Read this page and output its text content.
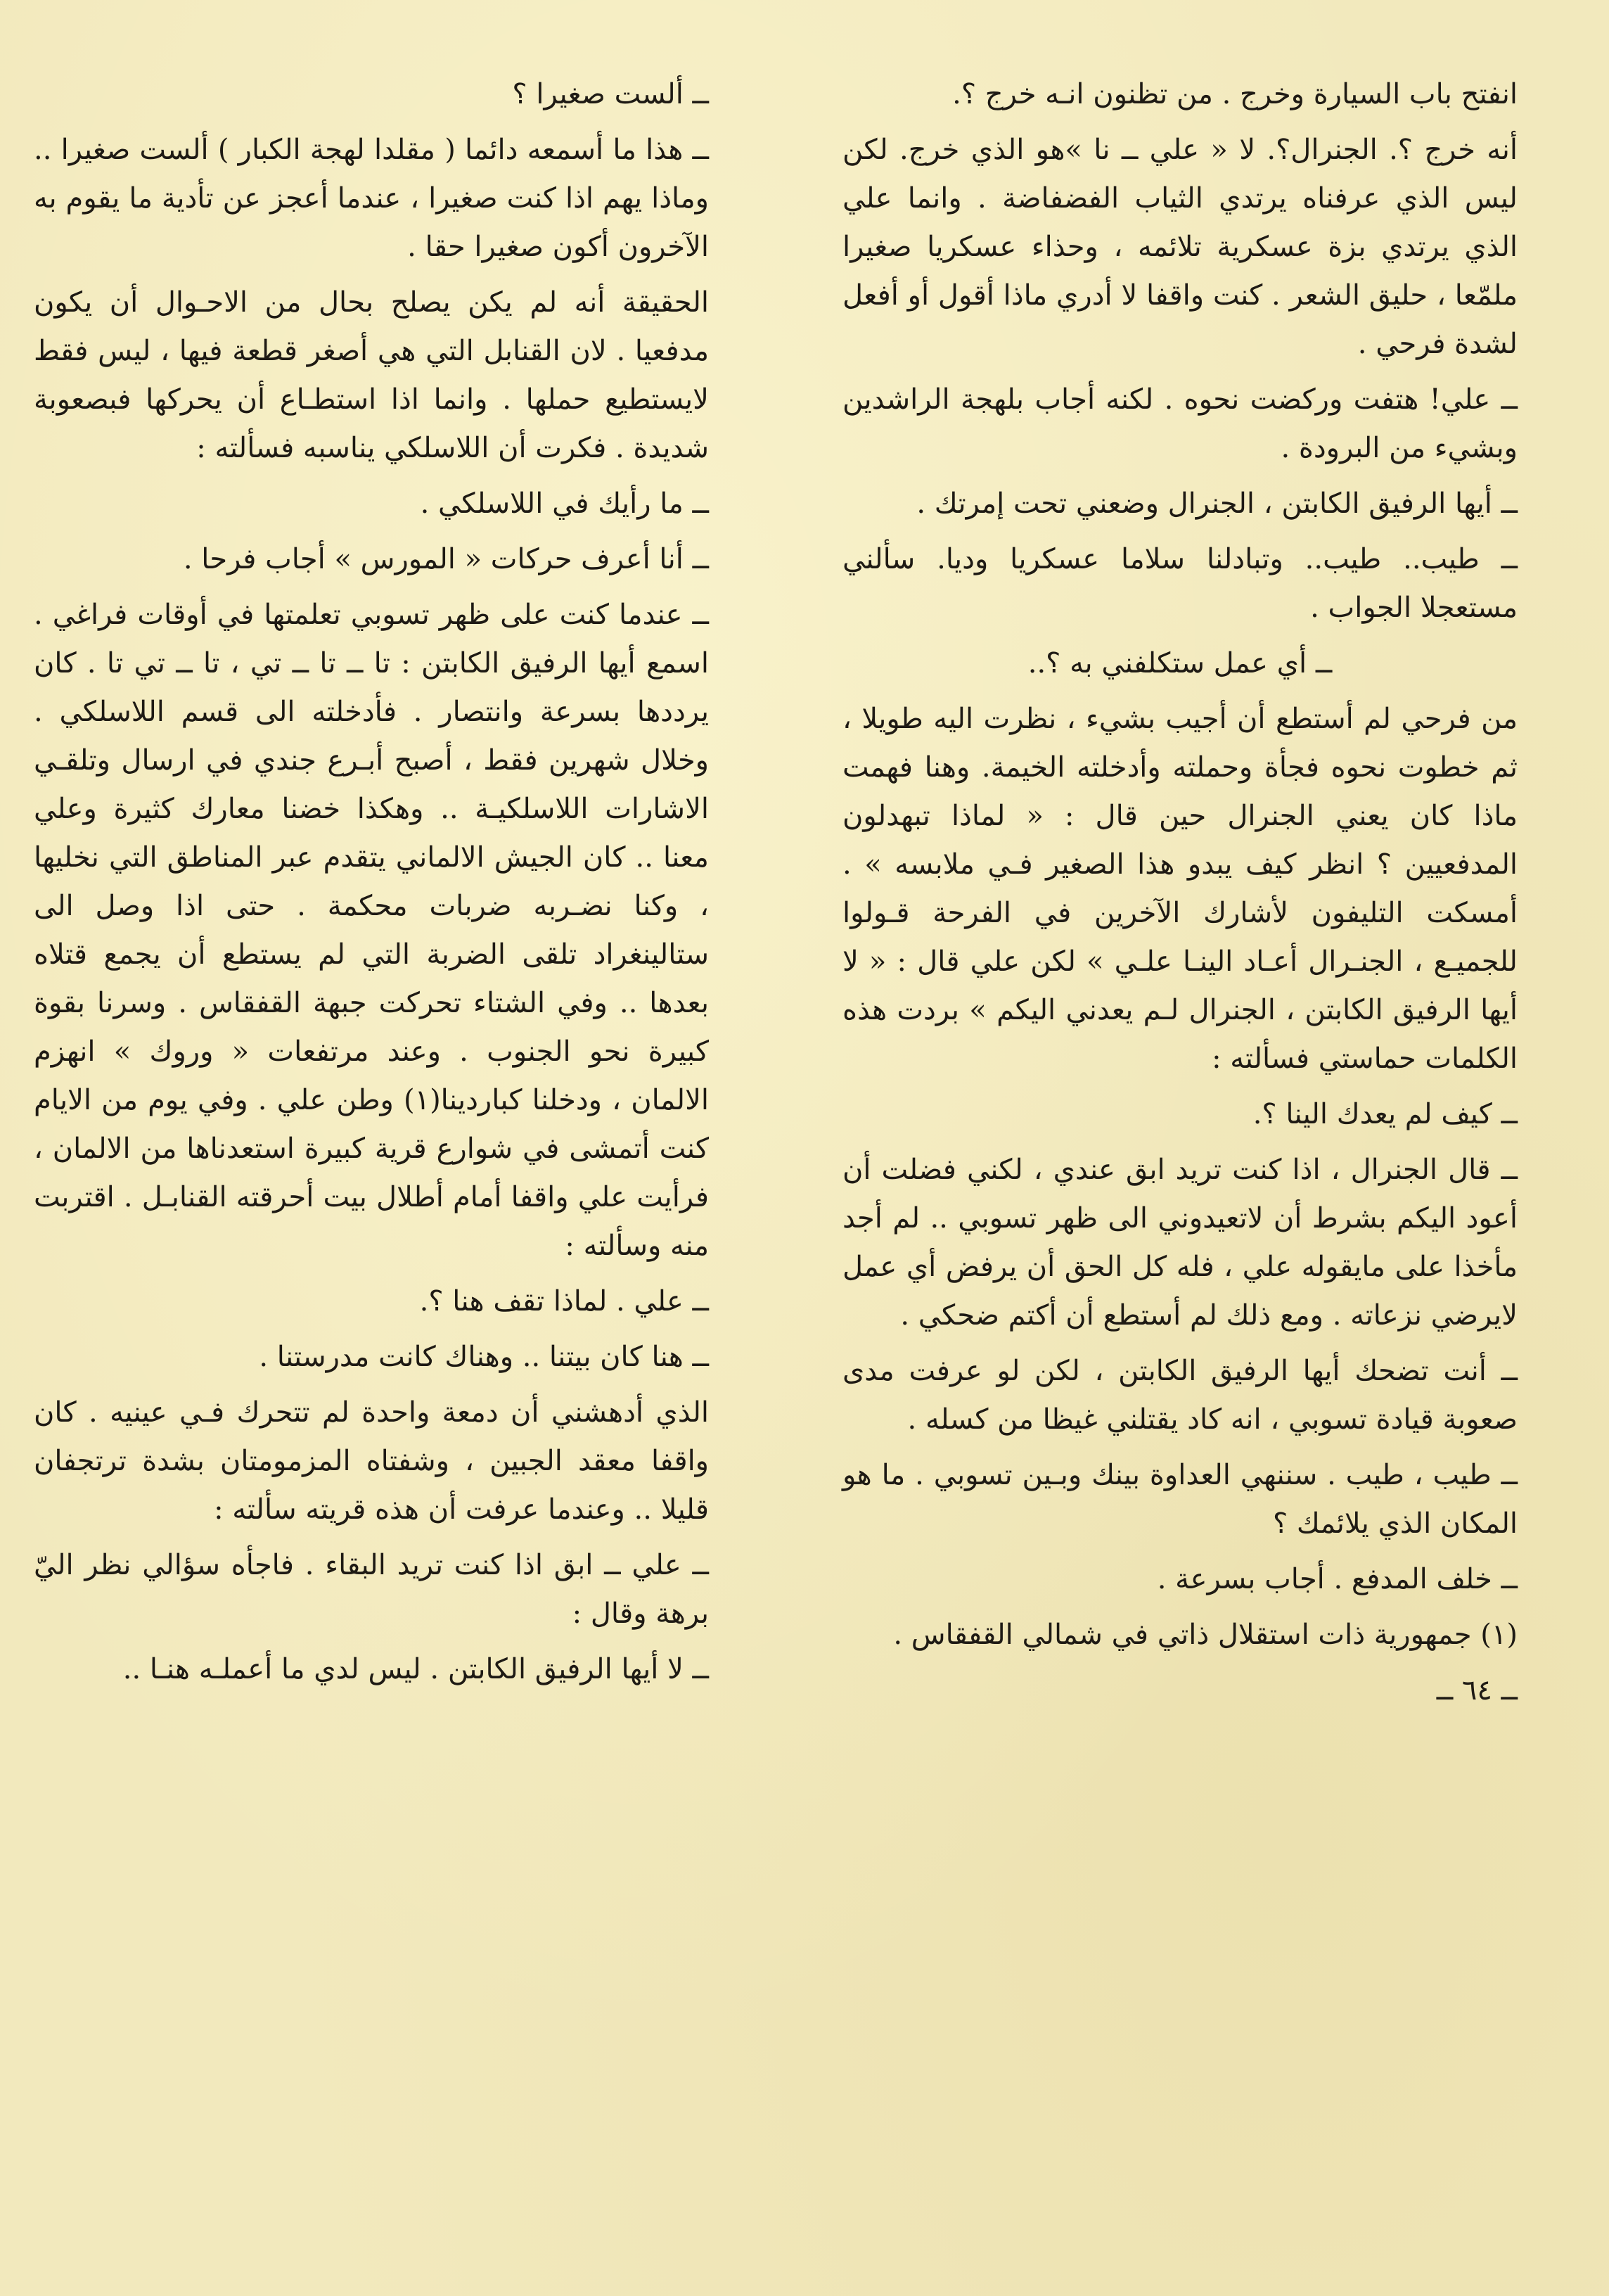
انفتح باب السيارة وخرج . من تظنون انـه خرج ؟.

أنه خرج ؟. الجنرال؟. لا « علي ــ نا »هو الذي خرج. لكن ليس الذي عرفناه يرتدي الثياب الفضفاضة . وانما علي الذي يرتدي بزة عسكرية تلائمه ، وحذاء عسكريا صغيرا ملمّعا ، حليق الشعر . كنت واقفا لا أدري ماذا أقول أو أفعل لشدة فرحي .

ــ علي! هتفت وركضت نحوه . لكنه أجاب بلهجة الراشدين وبشيء من البرودة .

ــ أيها الرفيق الكابتن ، الجنرال وضعني تحت إمرتك .

ــ طيب.. طيب.. وتبادلنا سلاما عسكريا وديا. سألني مستعجلا الجواب .

ــ أي عمل ستكلفني به ؟..

من فرحي لم أستطع أن أجيب بشيء ، نظرت اليه طويلا ، ثم خطوت نحوه فجأة وحملته وأدخلته الخيمة. وهنا فهمت ماذا كان يعني الجنرال حين قال : « لماذا تبهدلون المدفعيين ؟ انظر كيف يبدو هذا الصغير فـي ملابسه » . أمسكت التليفون لأشارك الآخرين في الفرحة قـولوا للجميـع ، الجنـرال أعـاد الينـا علـي » لكن علي قال : « لا أيها الرفيق الكابتن ، الجنرال لـم يعدني اليكم » بردت هذه الكلمات حماستي فسألته :

ــ كيف لم يعدك الينا ؟.

ــ قال الجنرال ، اذا كنت تريد ابق عندي ، لكني فضلت أن أعود اليكم بشرط أن لاتعيدوني الى ظهر تسوبي .. لم أجد مأخذا على مايقوله علي ، فله كل الحق أن يرفض أي عمل لايرضي نزعاته . ومع ذلك لم أستطع أن أكتم ضحكي .

ــ أنت تضحك أيها الرفيق الكابتن ، لكن لو عرفت مدى صعوبة قيادة تسوبي ، انه كاد يقتلني غيظا من كسله .

ــ طيب ، طيب . سننهي العداوة بينك وبـين تسوبي . ما هو المكان الذي يلائمك ؟

ــ خلف المدفع . أجاب بسرعة .

(١) جمهورية ذات استقلال ذاتي في شمالي القفقاس .

ــ ٦٤ ــ

ــ ألست صغيرا ؟

ــ هذا ما أسمعه دائما ( مقلدا لهجة الكبار ) ألست صغيرا .. وماذا يهم اذا كنت صغيرا ، عندما أعجز عن تأدية ما يقوم به الآخرون أكون صغيرا حقا .

الحقيقة أنه لم يكن يصلح بحال من الاحـوال أن يكون مدفعيا . لان القنابل التي هي أصغر قطعة فيها ، ليس فقط لايستطيع حملها . وانما اذا استطـاع أن يحركها فبصعوبة شديدة . فكرت أن اللاسلكي يناسبه فسألته :

ــ ما رأيك في اللاسلكي .

ــ أنا أعرف حركات « المورس » أجاب فرحا .

ــ عندما كنت على ظهر تسوبي تعلمتها في أوقات فراغي . اسمع أيها الرفيق الكابتن : تا ــ تا ــ تي ، تا ــ تي تا . كان يرددها بسرعة وانتصار . فأدخلته الى قسم اللاسلكي . وخلال شهرين فقط ، أصبح أبـرع جندي في ارسال وتلقـي الاشارات اللاسلكيـة .. وهكذا خضنا معارك كثيرة وعلي معنا .. كان الجيش الالماني يتقدم عبر المناطق التي نخليها ، وكنا نضـربه ضربات محكمة . حتى اذا وصل الى ستالينغراد تلقى الضربة التي لم يستطع أن يجمع قتلاه بعدها .. وفي الشتاء تحركت جبهة القفقاس . وسرنا بقوة كبيرة نحو الجنوب . وعند مرتفعات « وروك » انهزم الالمان ، ودخلنا كباردينا(١) وطن علي . وفي يوم من الايام كنت أتمشى في شوارع قرية كبيرة استعدناها من الالمان ، فرأيت علي واقفا أمام أطلال بيت أحرقته القنابـل . اقتربت منه وسألته :

ــ علي . لماذا تقف هنا ؟.

ــ هنا كان بيتنا .. وهناك كانت مدرستنا .

الذي أدهشني أن دمعة واحدة لم تتحرك فـي عينيه . كان واقفا معقد الجبين ، وشفتاه المزمومتان بشدة ترتجفان قليلا .. وعندما عرفت أن هذه قريته سألته :

ــ علي ــ ابق اذا كنت تريد البقاء . فاجأه سؤالي نظر اليّ برهة وقال :

ــ لا أيها الرفيق الكابتن . ليس لدي ما أعملـه هنـا ..
